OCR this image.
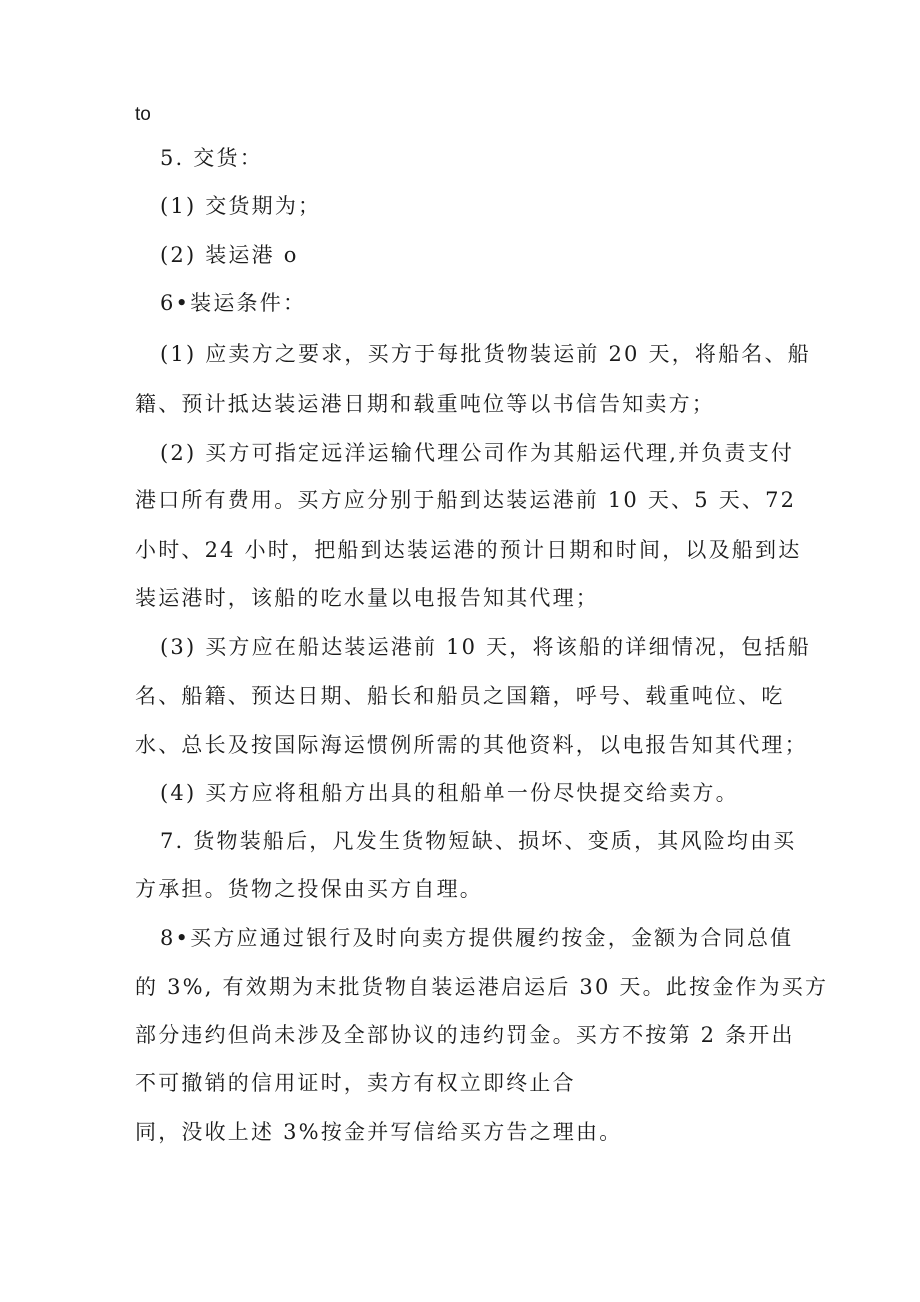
to
5. 交货：
(1) 交货期为；
(2) 装运港 o
6•装运条件：
(1) 应卖方之要求，买方于每批货物装运前 20 天，将船名、船
籍、预计抵达装运港日期和载重吨位等以书信告知卖方；
(2) 买方可指定远洋运输代理公司作为其船运代理,并负责支付
港口所有费用。买方应分别于船到达装运港前 10 天、5 天、72
小时、24 小时，把船到达装运港的预计日期和时间，以及船到达
装运港时，该船的吃水量以电报告知其代理；
(3) 买方应在船达装运港前 10 天，将该船的详细情况，包括船
名、船籍、预达日期、船长和船员之国籍，呼号、载重吨位、吃
水、总长及按国际海运惯例所需的其他资料，以电报告知其代理；
(4) 买方应将租船方出具的租船单一份尽快提交给卖方。
7. 货物装船后，凡发生货物短缺、损坏、变质，其风险均由买
方承担。货物之投保由买方自理。
8•买方应通过银行及时向卖方提供履约按金，金额为合同总值
的 3%, 有效期为末批货物自装运港启运后 30 天。此按金作为买方
部分违约但尚未涉及全部协议的违约罚金。买方不按第 2 条开出
不可撤销的信用证时，卖方有权立即终止合
同，没收上述 3%按金并写信给买方告之理由。
